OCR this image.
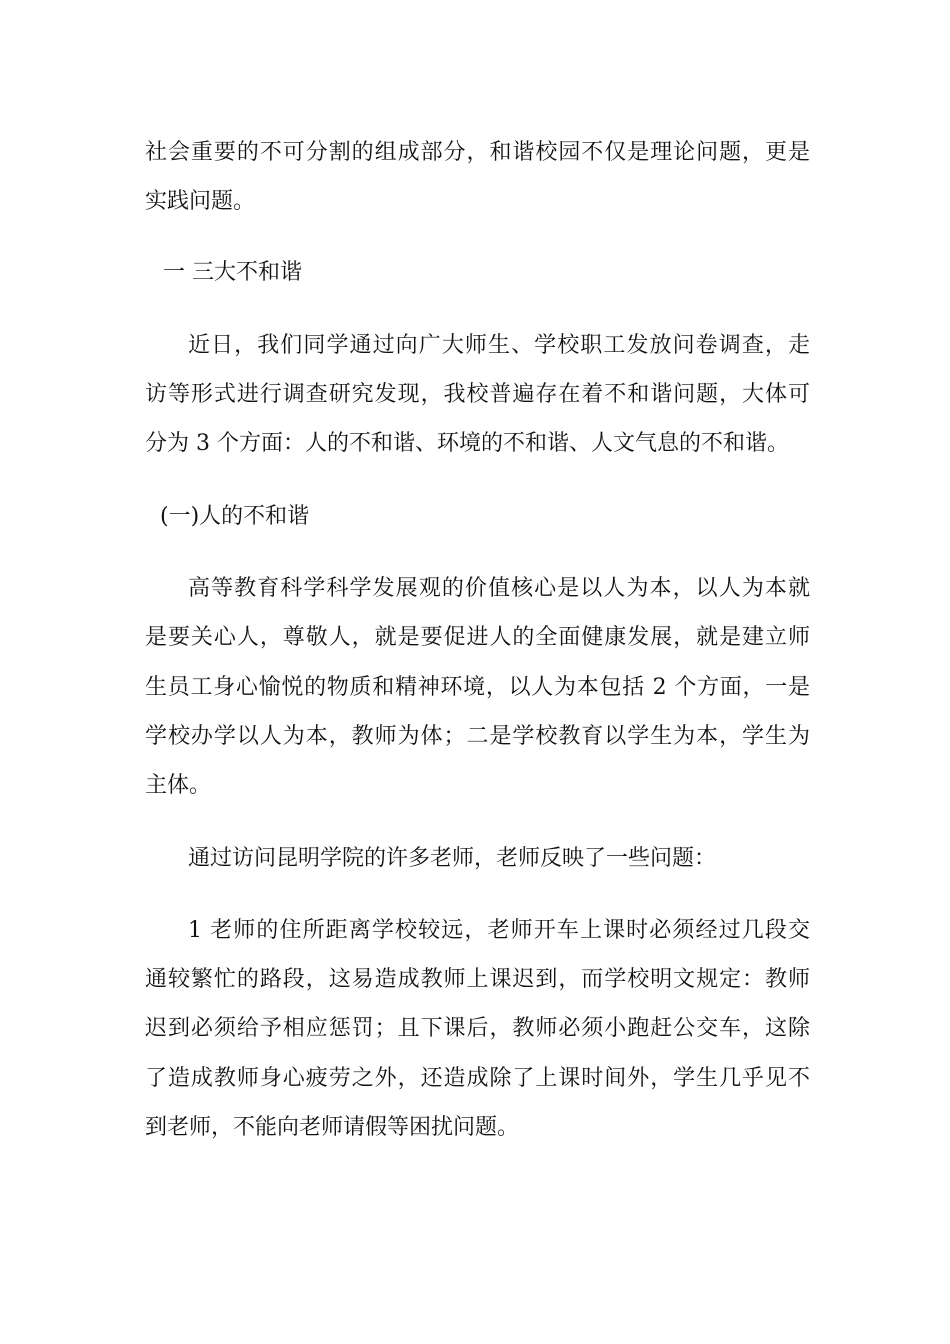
社会重要的不可分割的组成部分，和谐校园不仅是理论问题，更是
实践问题。
一 三大不和谐
近日，我们同学通过向广大师生、学校职工发放问卷调查，走
访等形式进行调查研究发现，我校普遍存在着不和谐问题，大体可
分为 3 个方面：人的不和谐、环境的不和谐、人文气息的不和谐。
(一)人的不和谐
高等教育科学科学发展观的价值核心是以人为本，以人为本就
是要关心人，尊敬人，就是要促进人的全面健康发展，就是建立师
生员工身心愉悦的物质和精神环境，以人为本包括 2 个方面，一是
学校办学以人为本，教师为体；二是学校教育以学生为本，学生为
主体。
通过访问昆明学院的许多老师，老师反映了一些问题：
1 老师的住所距离学校较远，老师开车上课时必须经过几段交
通较繁忙的路段，这易造成教师上课迟到，而学校明文规定：教师
迟到必须给予相应惩罚；且下课后，教师必须小跑赶公交车，这除
了造成教师身心疲劳之外，还造成除了上课时间外，学生几乎见不
到老师，不能向老师请假等困扰问题。
